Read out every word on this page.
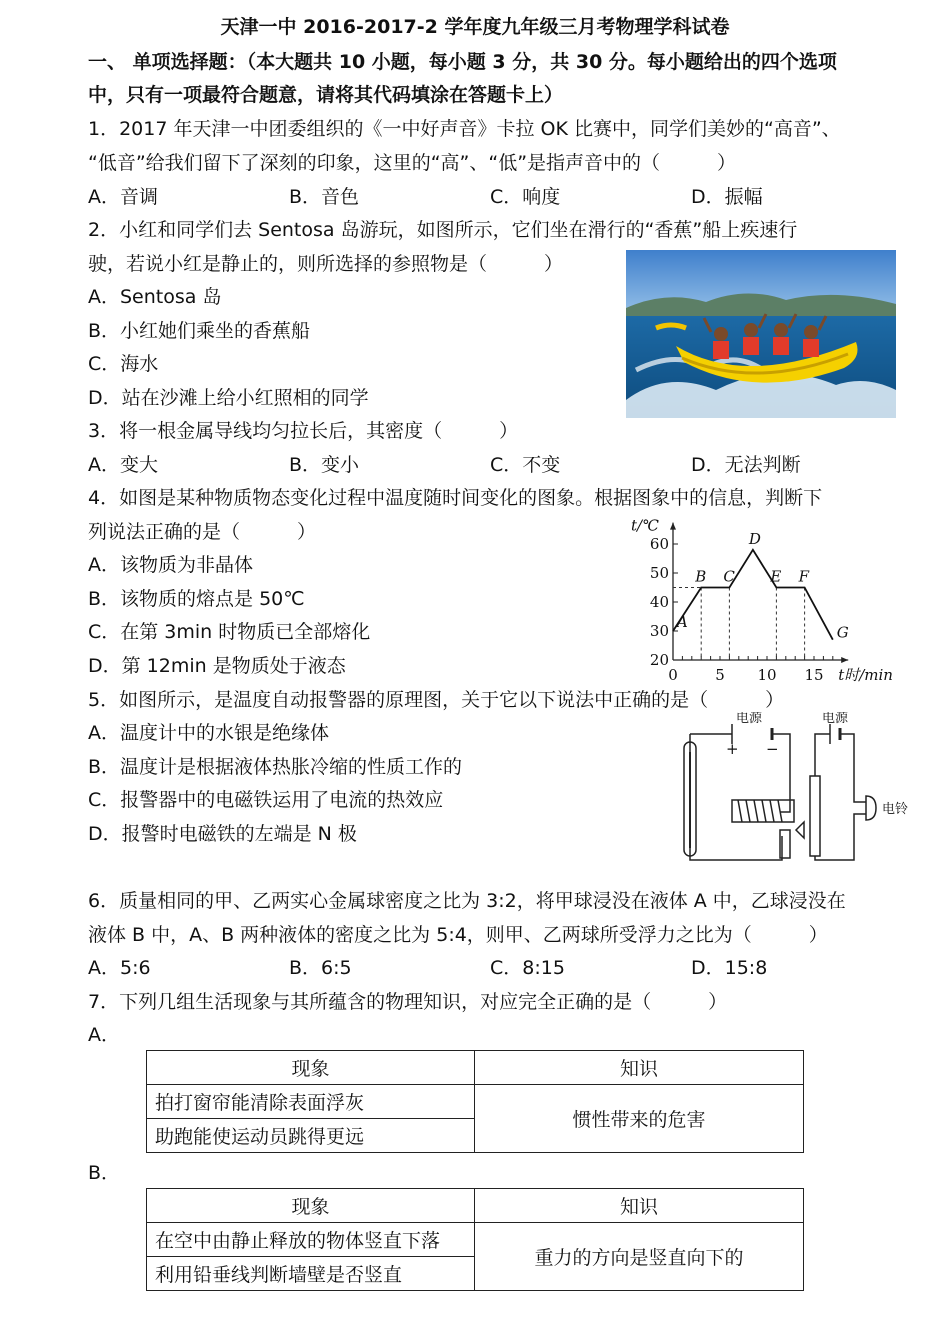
天津一中 2016-2017-2 学年度九年级三月考物理学科试卷
一、 单项选择题：（本大题共 10 小题，每小题 3 分，共 30 分。每小题给出的四个选项
中，只有一项最符合题意，请将其代码填涂在答题卡上）
1．2017 年天津一中团委组织的《一中好声音》卡拉 OK 比赛中，同学们美妙的“高音”、
“低音”给我们留下了深刻的印象，这里的“高”、“低”是指声音中的（　　　）
A．音调	B．音色	C．响度	D．振幅
2．小红和同学们去 Sentosa 岛游玩，如图所示，它们坐在滑行的“香蕉”船上疾速行
驶，若说小红是静止的，则所选择的参照物是（　　　）
A．Sentosa 岛
B．小红她们乘坐的香蕉船
C．海水
D．站在沙滩上给小红照相的同学
3．将一根金属导线均匀拉长后，其密度（　　　）
A．变大	B．变小	C．不变	D．无法判断
4．如图是某种物质物态变化过程中温度随时间变化的图象。根据图象中的信息，判断下
列说法正确的是（　　　）
A．该物质为非晶体
B．该物质的熔点是 50℃
C．在第 3min 时物质已全部熔化
D．第 12min 是物质处于液态	20
30
40
50
60
0 5 10 15
t/℃
t时/min
A
B C
D
E F
G
5．如图所示，是温度自动报警器的原理图，关于它以下说法中正确的是（　　　）
A．温度计中的水银是绝缘体
B．温度计是根据液体热胀冷缩的性质工作的
C．报警器中的电磁铁运用了电流的热效应
D．报警时电磁铁的左端是 N 极
电源	电源
+ −
电铃
6．质量相同的甲、乙两实心金属球密度之比为 3:2，将甲球浸没在液体 A 中，乙球浸没在
液体 B 中，A、B 两种液体的密度之比为 5:4，则甲、乙两球所受浮力之比为（　　　）
A．5:6	B．6:5	C．8:15	D．15:8
7．下列几组生活现象与其所蕴含的物理知识，对应完全正确的是（　　　）
A．
现象	知识
拍打窗帘能清除表面浮灰	惯性带来的危害
助跑能使运动员跳得更远	
B．
现象	知识
在空中由静止释放的物体竖直下落	重力的方向是竖直向下的
利用铅垂线判断墙壁是否竖直	
